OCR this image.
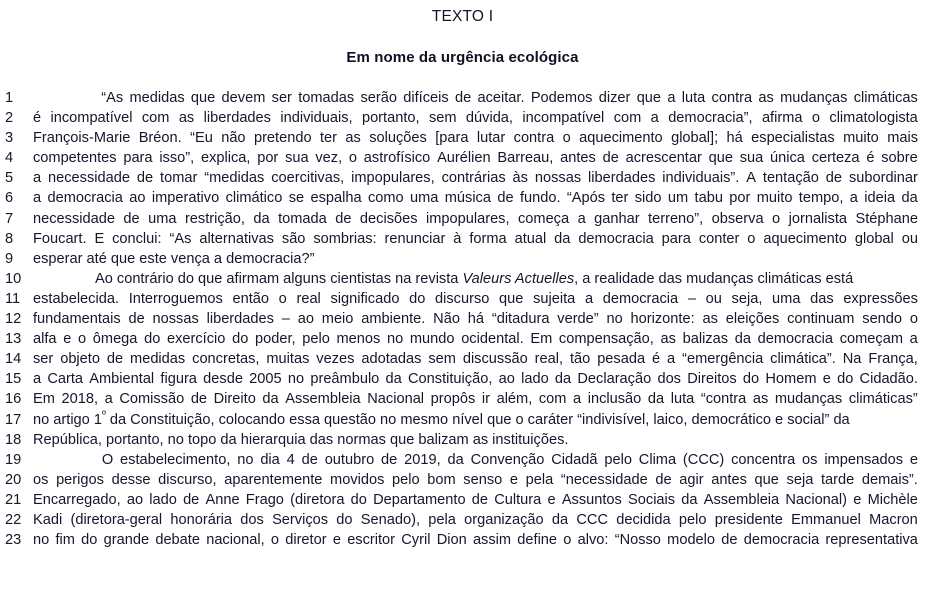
TEXTO I
Em nome da urgência ecológica
1	“As medidas que devem ser tomadas serão difíceis de aceitar. Podemos dizer que a luta contra as mudanças climáticas
2	é incompatível com as liberdades individuais, portanto, sem dúvida, incompatível com a democracia”, afirma o climatologista
3	François-Marie Bréon. “Eu não pretendo ter as soluções [para lutar contra o aquecimento global]; há especialistas muito mais
4	competentes para isso”, explica, por sua vez, o astrofísico Aurélien Barreau, antes de acrescentar que sua única certeza é sobre
5	a necessidade de tomar “medidas coercitivas, impopulares, contrárias às nossas liberdades individuais”. A tentação de subordinar
6	a democracia ao imperativo climático se espalha como uma música de fundo. “Após ter sido um tabu por muito tempo, a ideia da
7	necessidade de uma restrição, da tomada de decisões impopulares, começa a ganhar terreno”, observa o jornalista Stéphane
8	Foucart. E conclui: “As alternativas são sombrias: renunciar à forma atual da democracia para conter o aquecimento global ou
9	esperar até que este vença a democracia?”
10	Ao contrário do que afirmam alguns cientistas na revista Valeurs Actuelles, a realidade das mudanças climáticas está
11 estabelecida. Interroguemos então o real significado do discurso que sujeita a democracia – ou seja, uma das expressões
12 fundamentais de nossas liberdades – ao meio ambiente. Não há “ditadura verde” no horizonte: as eleições continuam sendo o
13 alfa e o ômega do exercício do poder, pelo menos no mundo ocidental. Em compensação, as balizas da democracia começam a
14 ser objeto de medidas concretas, muitas vezes adotadas sem discussão real, tão pesada é a “emergência climática”. Na França,
15 a Carta Ambiental figura desde 2005 no preâmbulo da Constituição, ao lado da Declaração dos Direitos do Homem e do Cidadão.
16 Em 2018, a Comissão de Direito da Assembleia Nacional propôs ir além, com a inclusão da luta “contra as mudanças climáticas”
17 no artigo $1^º$ da Constituição, colocando essa questão no mesmo nível que o caráter “indivisível, laico, democrático e social” da
18 República, portanto, no topo da hierarquia das normas que balizam as instituições.
19	O estabelecimento, no dia 4 de outubro de 2019, da Convenção Cidadã pelo Clima (CCC) concentra os impensados e
20 os perigos desse discurso, aparentemente movidos pelo bom senso e pela “necessidade de agir antes que seja tarde demais”.
21 Encarregado, ao lado de Anne Frago (diretora do Departamento de Cultura e Assuntos Sociais da Assembleia Nacional) e Michèle
22 Kadi (diretora-geral honorária dos Serviços do Senado), pela organização da CCC decidida pelo presidente Emmanuel Macron
23 no fim do grande debate nacional, o diretor e escritor Cyril Dion assim define o alvo: “Nosso modelo de democracia representativa
